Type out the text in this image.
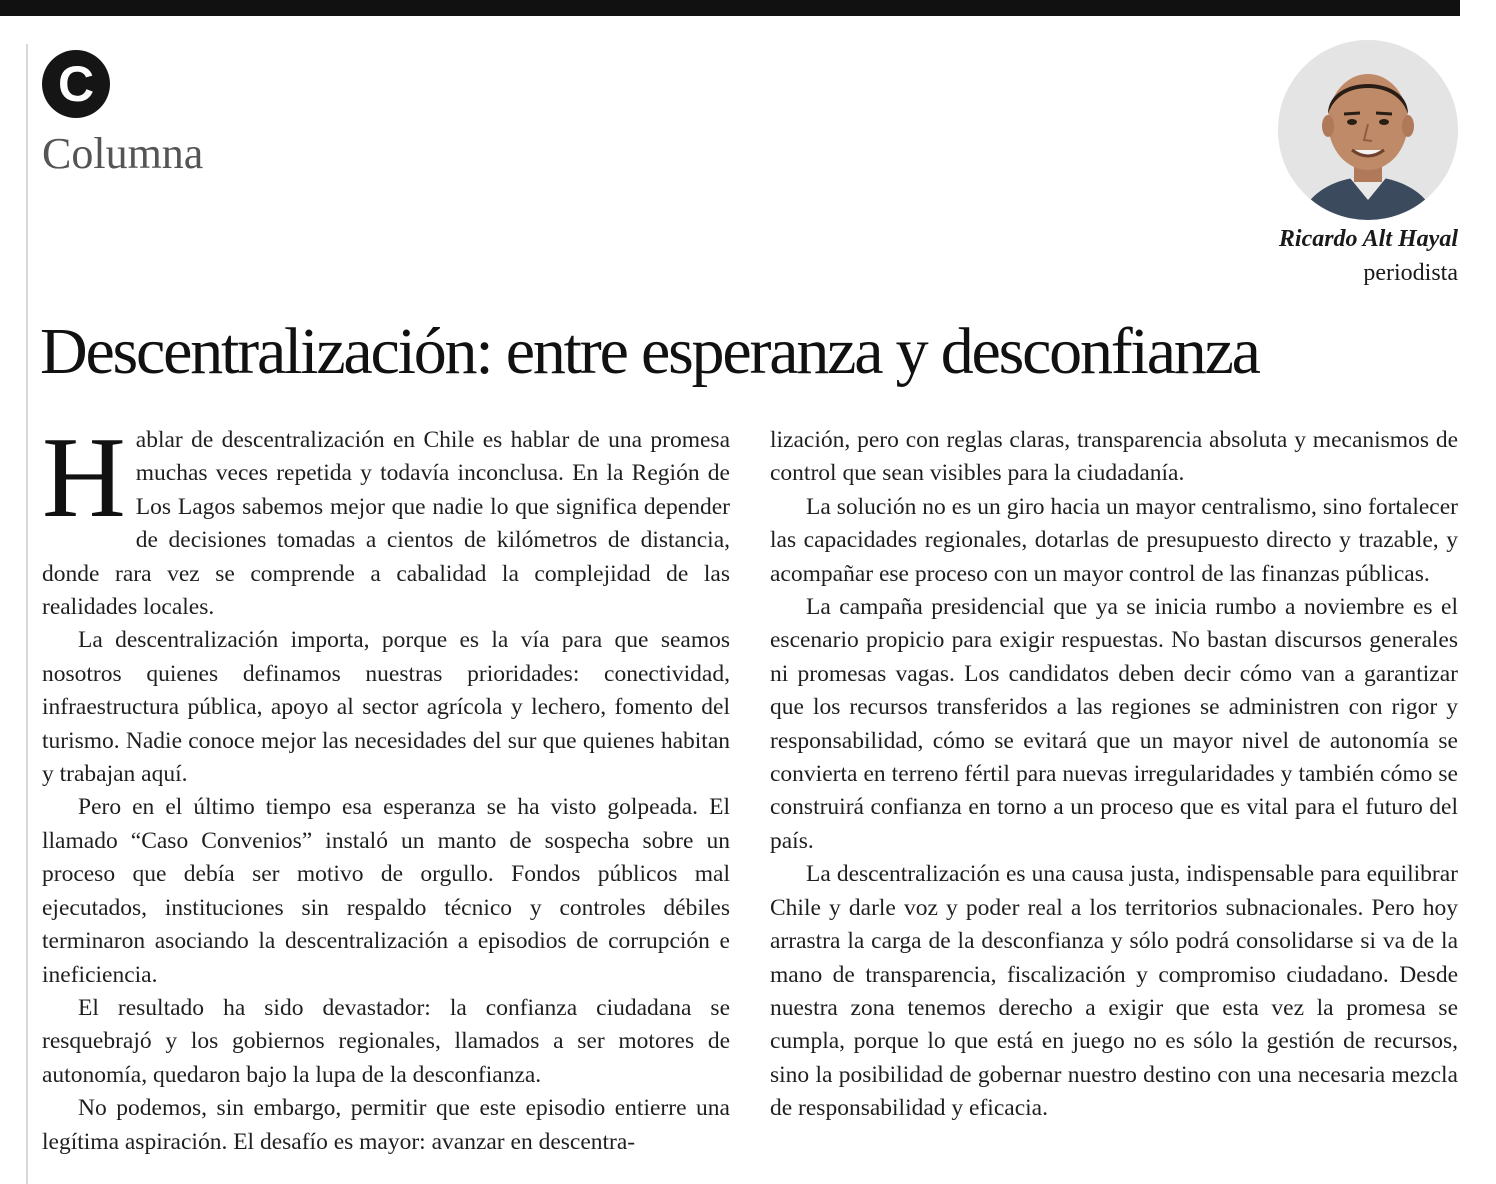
C
Columna
Ricardo Alt Hayal
periodista
Descentralización: entre esperanza y desconfianza

Hablar de descentralización en Chile es hablar de una promesa muchas veces repetida y todavía inconclusa. En la Región de Los Lagos sabemos mejor que nadie lo que significa depender de decisiones tomadas a cientos de kilómetros de distancia, donde rara vez se comprende a cabalidad la complejidad de las realidades locales.

La descentralización importa, porque es la vía para que seamos nosotros quienes definamos nuestras prioridades: conectividad, infraestructura pública, apoyo al sector agrícola y lechero, fomento del turismo. Nadie conoce mejor las necesidades del sur que quienes habitan y trabajan aquí.

Pero en el último tiempo esa esperanza se ha visto golpeada. El llamado “Caso Convenios” instaló un manto de sospecha sobre un proceso que debía ser motivo de orgullo. Fondos públicos mal ejecutados, instituciones sin respaldo técnico y controles débiles terminaron asociando la descentralización a episodios de corrupción e ineficiencia.

El resultado ha sido devastador: la confianza ciudadana se resquebrajó y los gobiernos regionales, llamados a ser motores de autonomía, quedaron bajo la lupa de la desconfianza.

No podemos, sin embargo, permitir que este episodio entierre una legítima aspiración. El desafío es mayor: avanzar en descentra-

lización, pero con reglas claras, transparencia absoluta y mecanismos de control que sean visibles para la ciudadanía.

La solución no es un giro hacia un mayor centralismo, sino fortalecer las capacidades regionales, dotarlas de presupuesto directo y trazable, y acompañar ese proceso con un mayor control de las finanzas públicas.

La campaña presidencial que ya se inicia rumbo a noviembre es el escenario propicio para exigir respuestas. No bastan discursos generales ni promesas vagas. Los candidatos deben decir cómo van a garantizar que los recursos transferidos a las regiones se administren con rigor y responsabilidad, cómo se evitará que un mayor nivel de autonomía se convierta en terreno fértil para nuevas irregularidades y también cómo se construirá confianza en torno a un proceso que es vital para el futuro del país.

La descentralización es una causa justa, indispensable para equilibrar Chile y darle voz y poder real a los territorios subnacionales. Pero hoy arrastra la carga de la desconfianza y sólo podrá consolidarse si va de la mano de transparencia, fiscalización y compromiso ciudadano. Desde nuestra zona tenemos derecho a exigir que esta vez la promesa se cumpla, porque lo que está en juego no es sólo la gestión de recursos, sino la posibilidad de gobernar nuestro destino con una necesaria mezcla de responsabilidad y eficacia.
